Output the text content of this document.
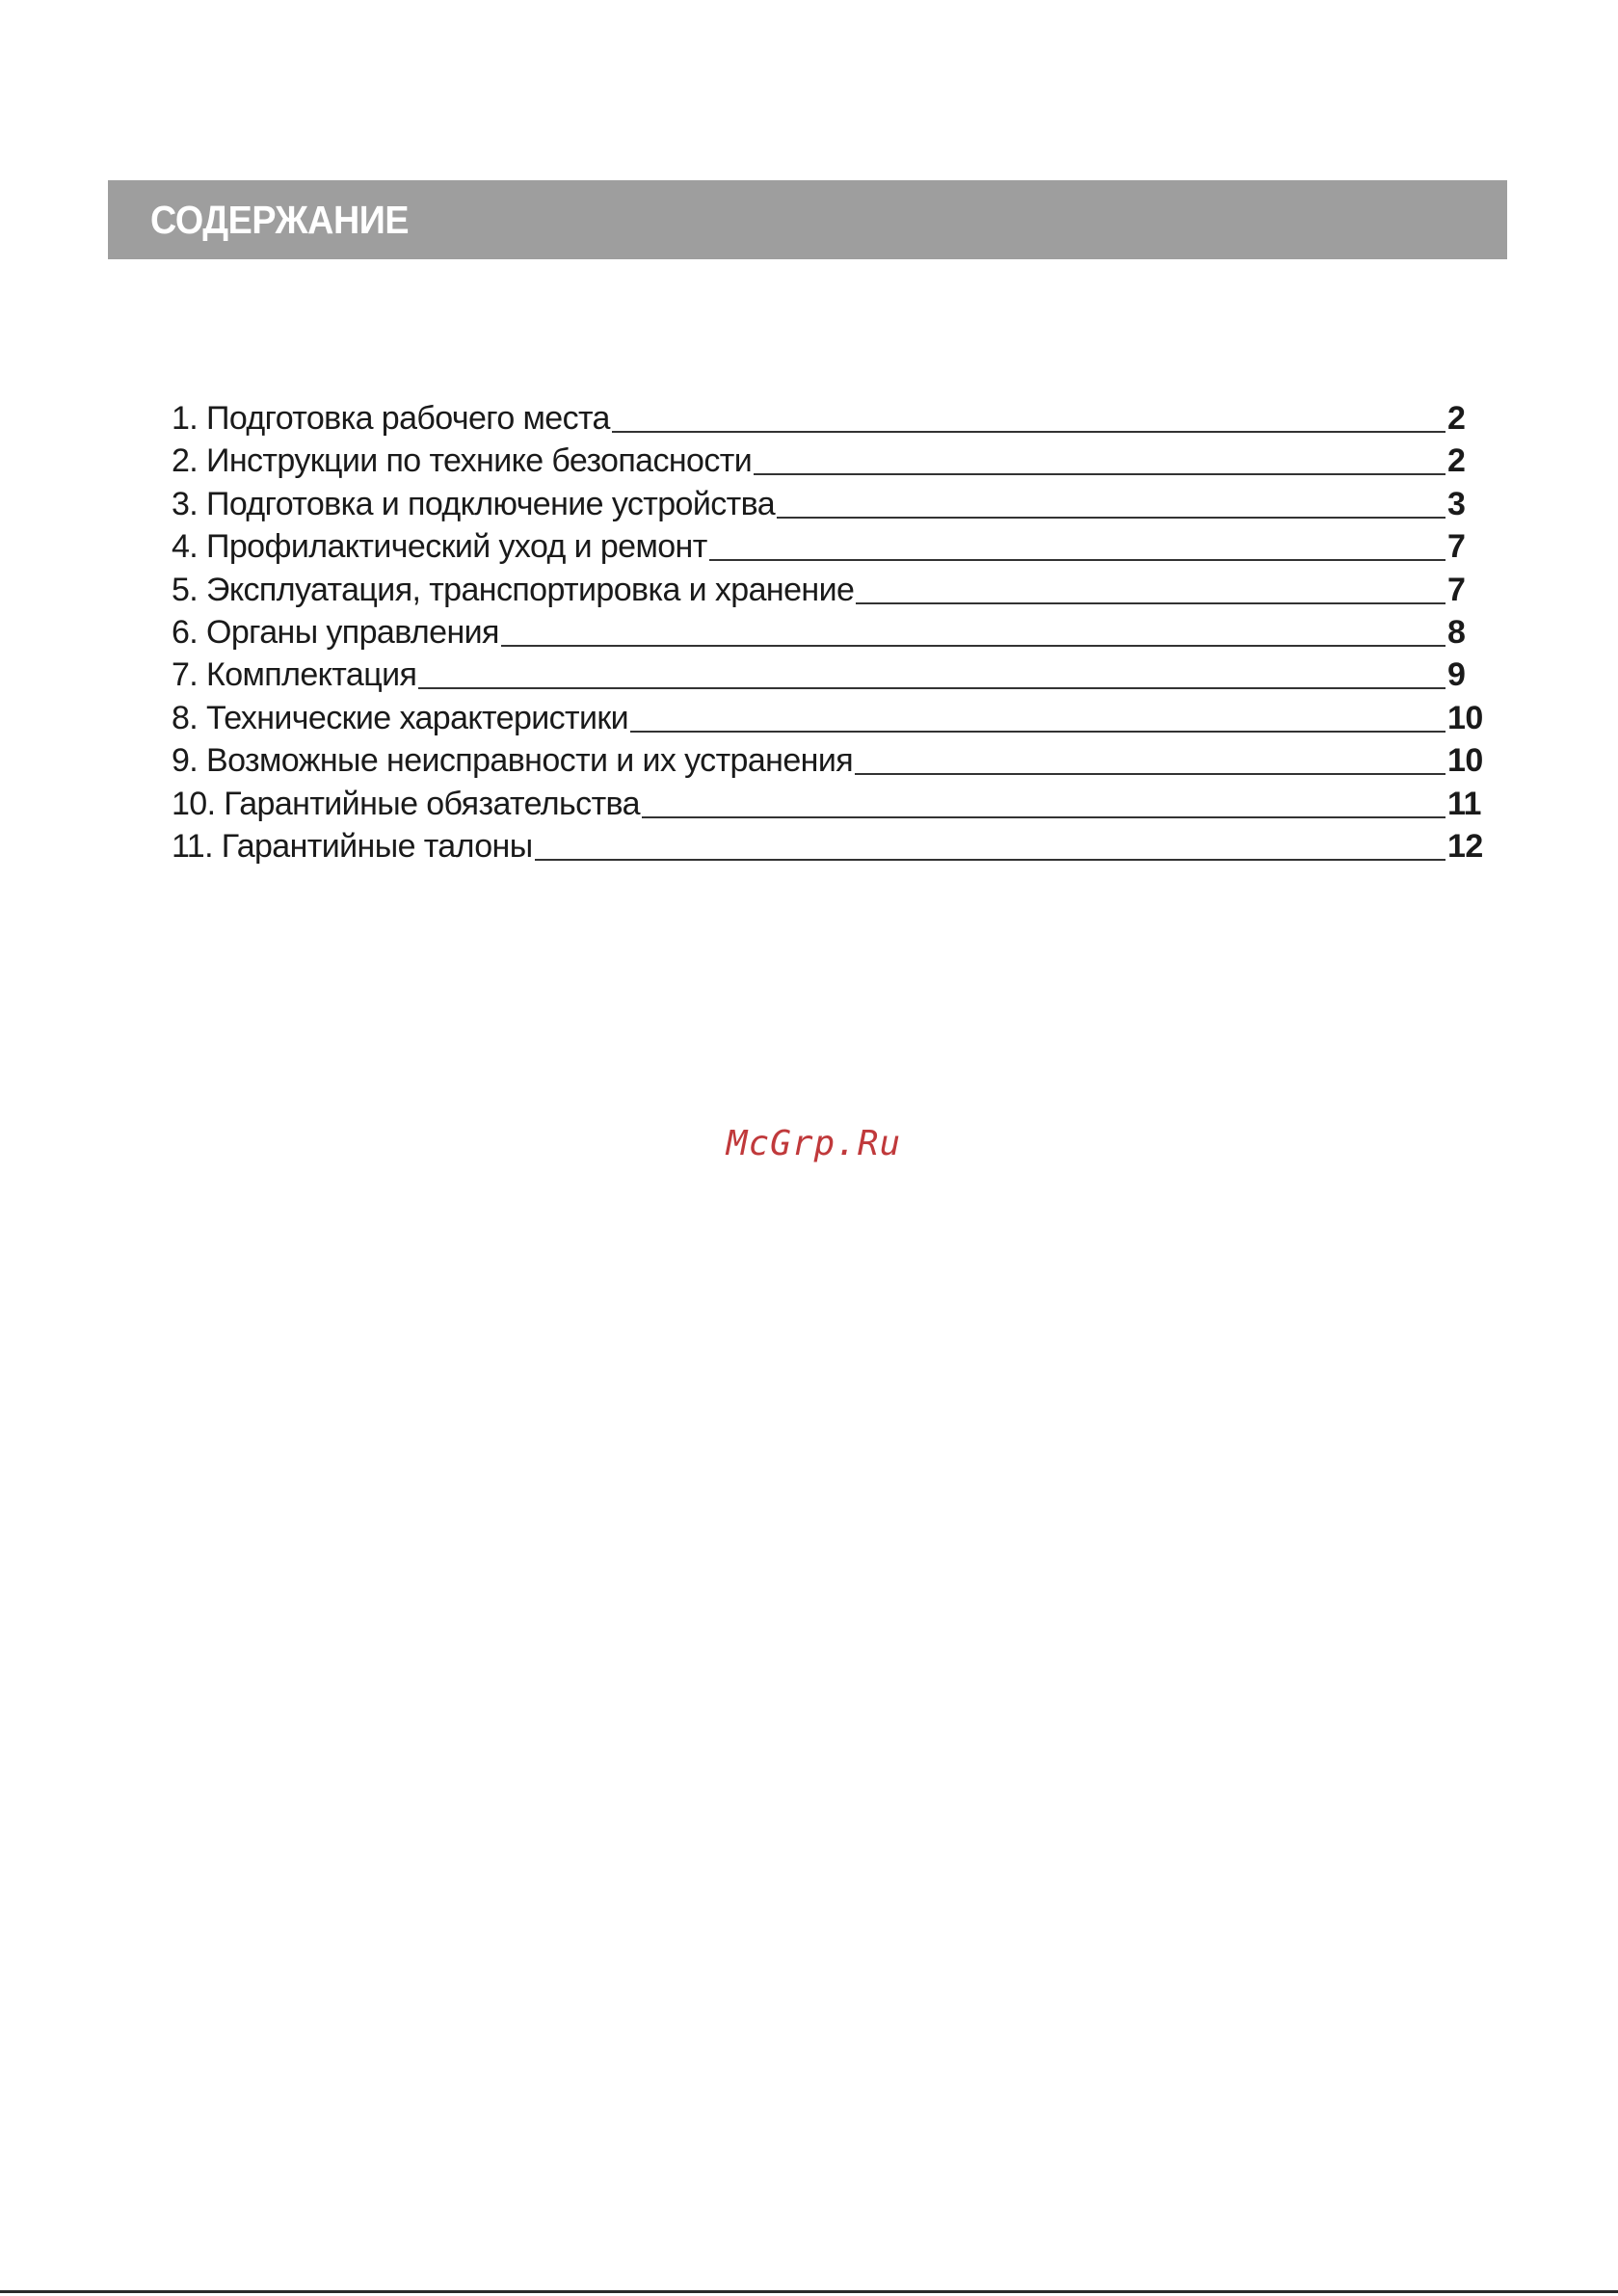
СОДЕРЖАНИЕ
1. Подготовка рабочего места	2
2. Инструкции по технике безопасности	2
3. Подготовка и подключение устройства	3
4. Профилактический уход и ремонт	7
5. Эксплуатация, транспортировка и хранение	7
6. Органы управления	8
7. Комплектация	9
8. Технические характеристики	10
9. Возможные неисправности и их устранения	10
10. Гарантийные обязательства	11
11. Гарантийные талоны	12
McGrp.Ru
